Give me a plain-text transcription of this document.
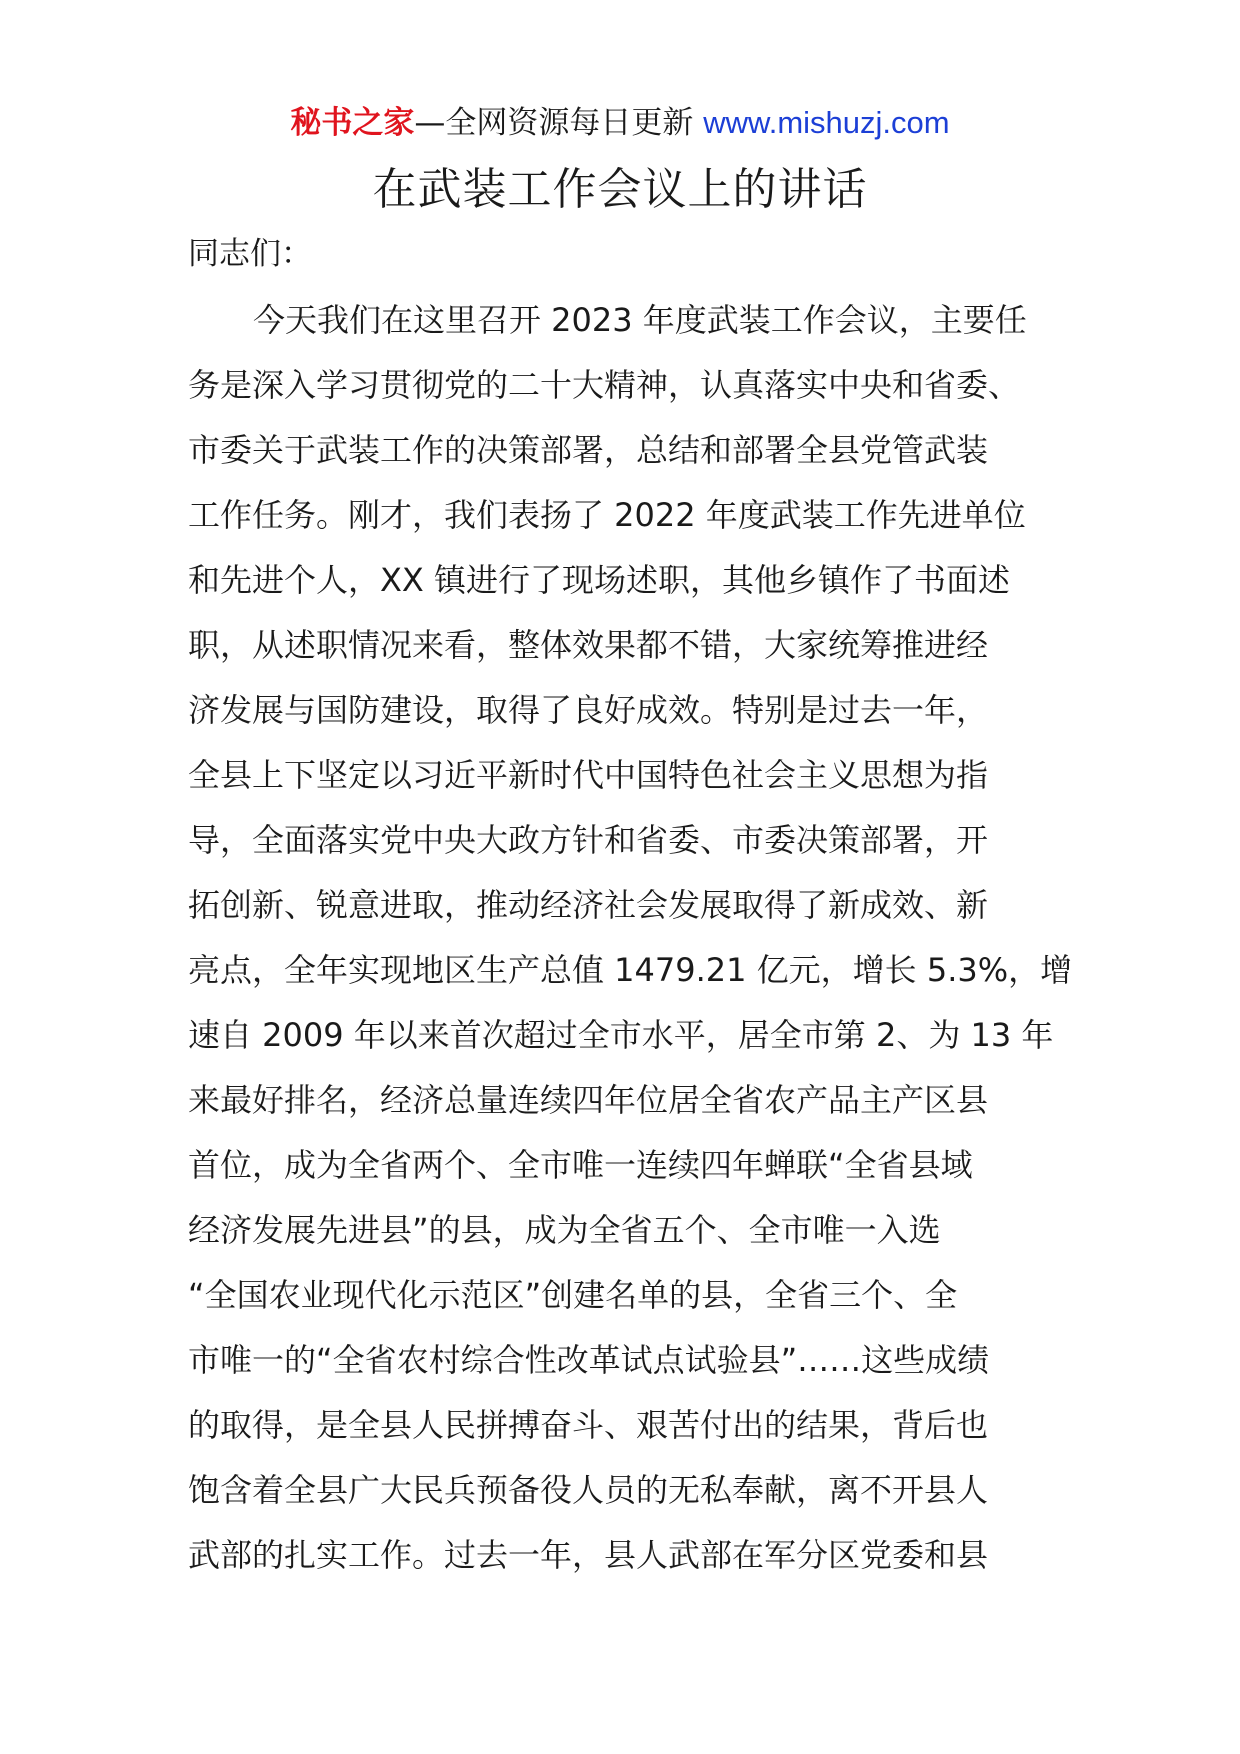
秘书之家—全网资源每日更新 www.mishuzj.com
在武装工作会议上的讲话
同志们：
今天我们在这里召开 2023 年度武装工作会议，主要任
务是深入学习贯彻党的二十大精神，认真落实中央和省委、
市委关于武装工作的决策部署，总结和部署全县党管武装
工作任务。刚才，我们表扬了 2022 年度武装工作先进单位
和先进个人，XX 镇进行了现场述职，其他乡镇作了书面述
职，从述职情况来看，整体效果都不错，大家统筹推进经
济发展与国防建设，取得了良好成效。特别是过去一年，
全县上下坚定以习近平新时代中国特色社会主义思想为指
导，全面落实党中央大政方针和省委、市委决策部署，开
拓创新、锐意进取，推动经济社会发展取得了新成效、新
亮点，全年实现地区生产总值 1479.21 亿元，增长 5.3%，增
速自 2009 年以来首次超过全市水平，居全市第 2、为 13 年
来最好排名，经济总量连续四年位居全省农产品主产区县
首位，成为全省两个、全市唯一连续四年蝉联“全省县域
经济发展先进县”的县，成为全省五个、全市唯一入选
“全国农业现代化示范区”创建名单的县，全省三个、全
市唯一的“全省农村综合性改革试点试验县”……这些成绩
的取得，是全县人民拼搏奋斗、艰苦付出的结果，背后也
饱含着全县广大民兵预备役人员的无私奉献，离不开县人
武部的扎实工作。过去一年，县人武部在军分区党委和县
